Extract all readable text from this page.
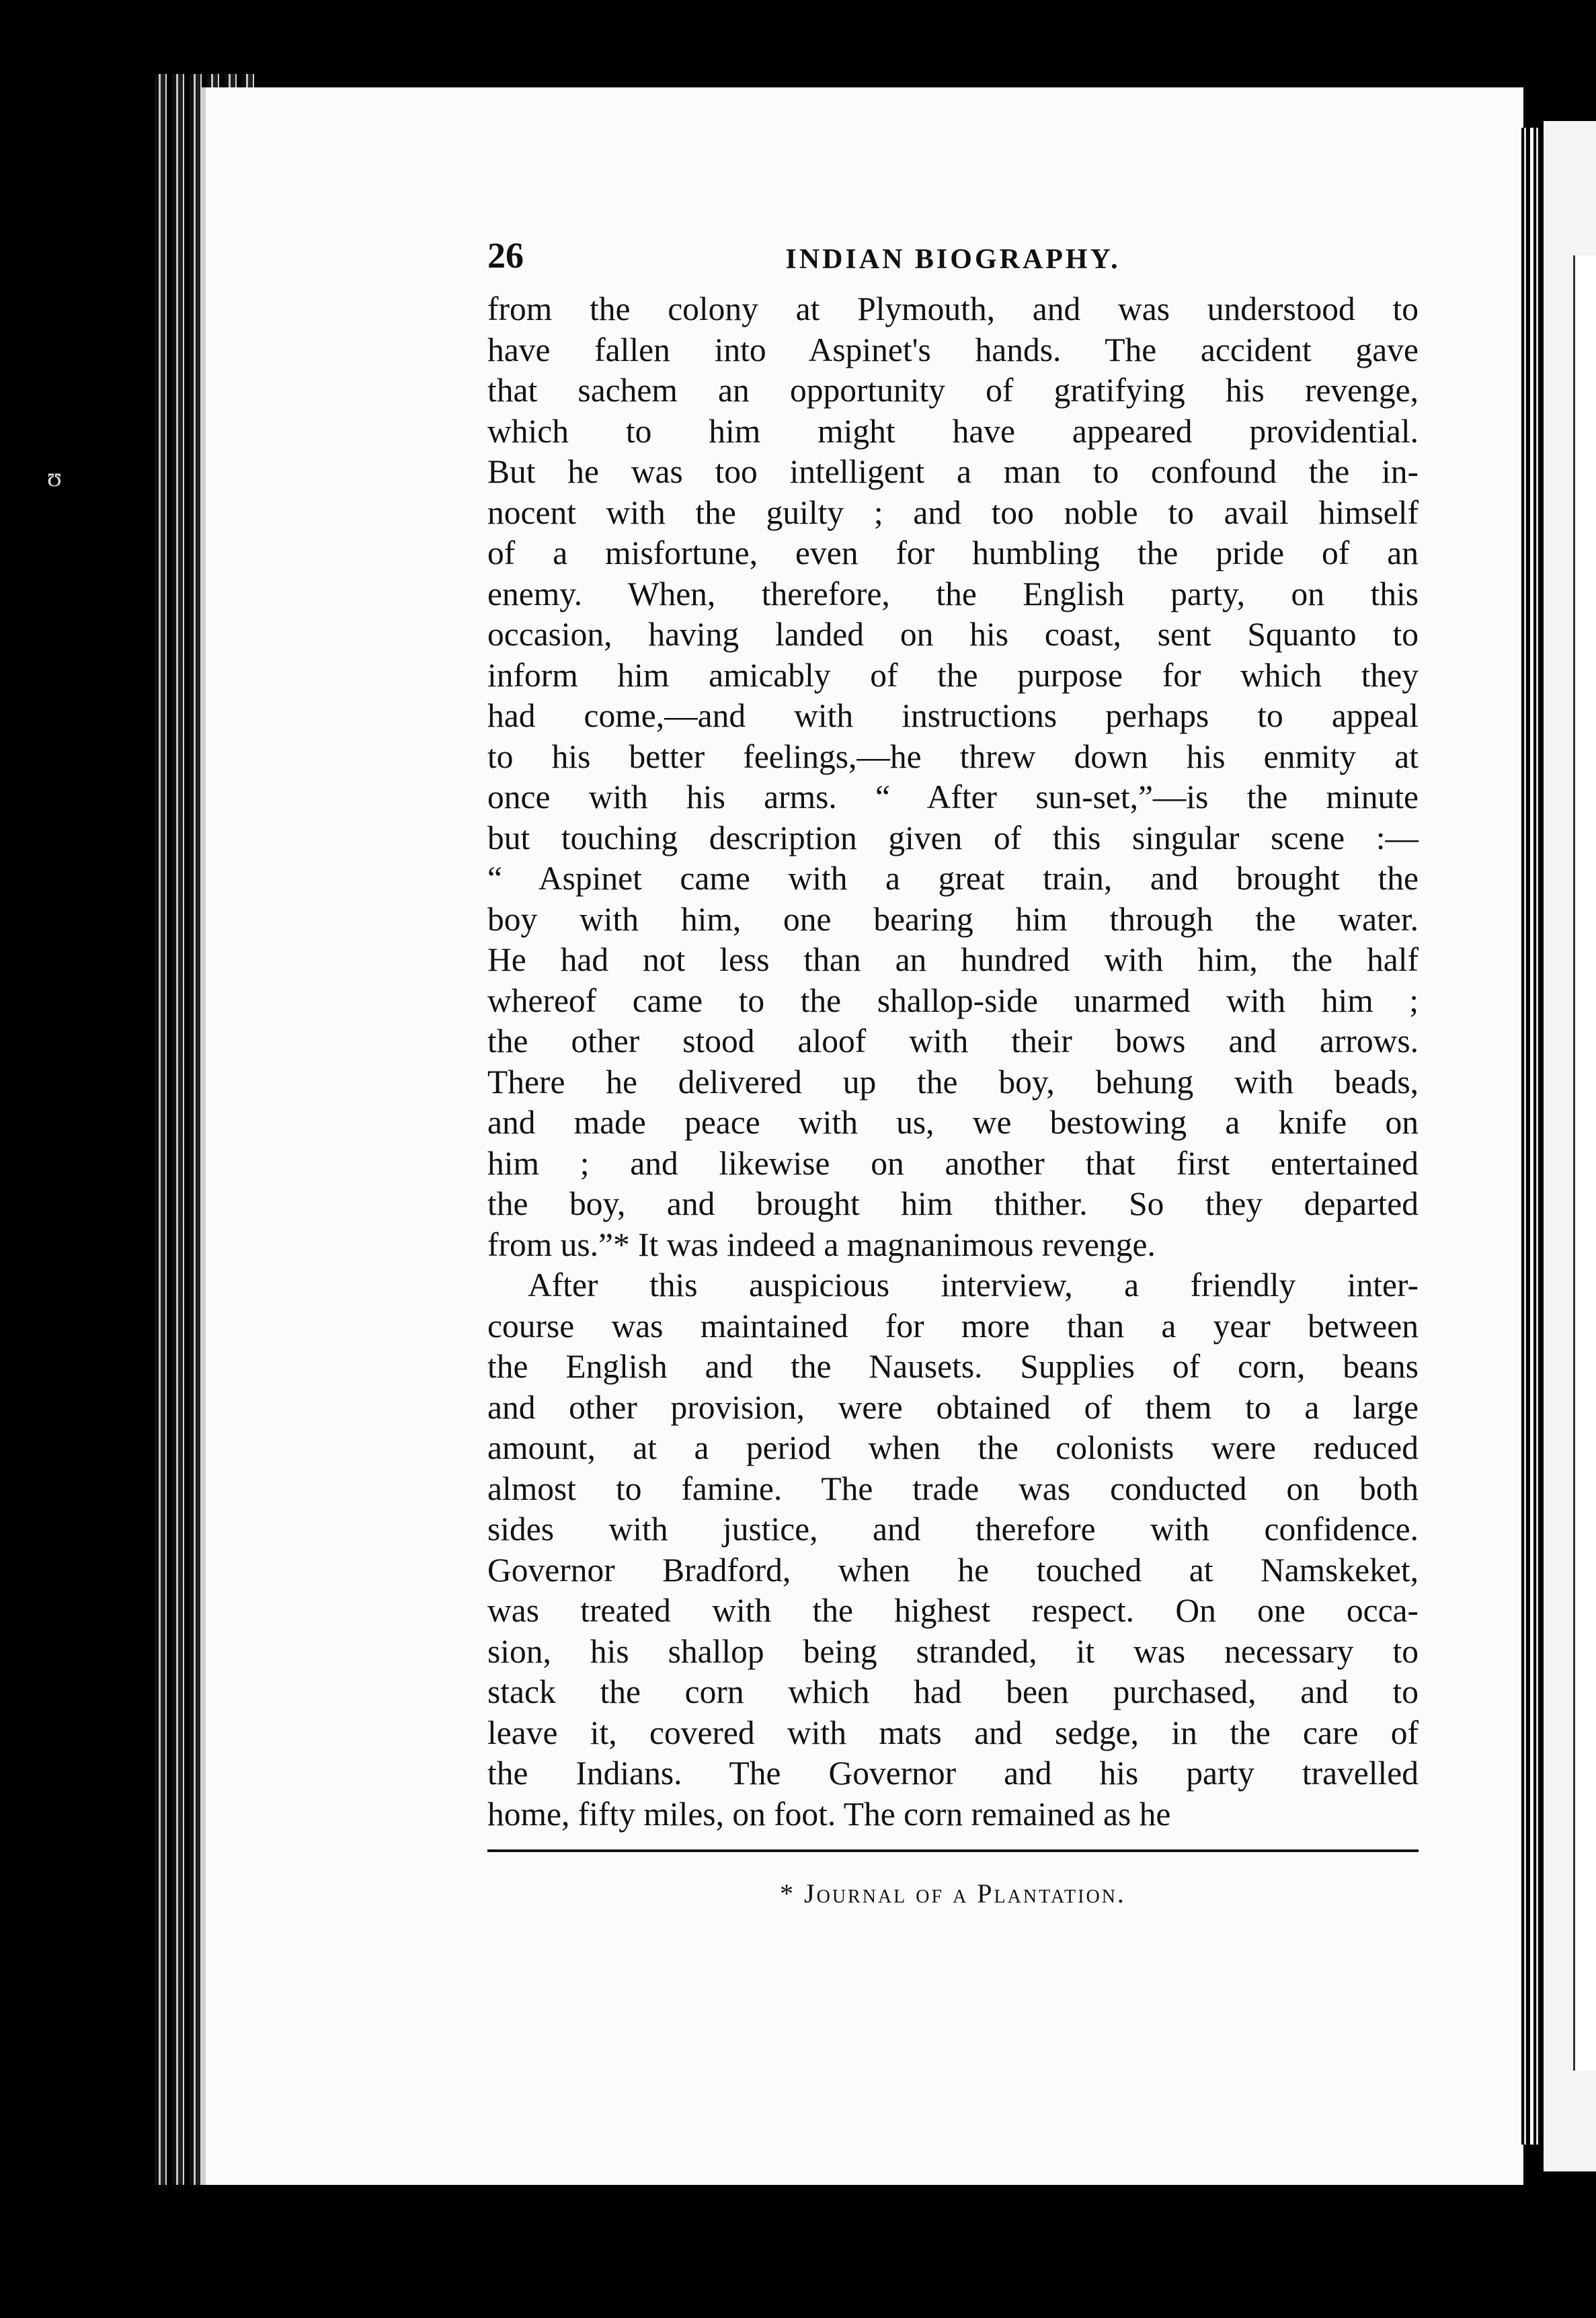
ʊ
26	INDIAN BIOGRAPHY.
from the colony at Plymouth, and was understood to
have fallen into Aspinet's hands. The accident gave
that sachem an opportunity of gratifying his revenge,
which to him might have appeared providential.
But he was too intelligent a man to confound the in-
nocent with the guilty ; and too noble to avail himself
of a misfortune, even for humbling the pride of an
enemy. When, therefore, the English party, on this
occasion, having landed on his coast, sent Squanto to
inform him amicably of the purpose for which they
had come,—and with instructions perhaps to appeal
to his better feelings,—he threw down his enmity at
once with his arms. “ After sun-set,”—is the minute
but touching description given of this singular scene :—
“ Aspinet came with a great train, and brought the
boy with him, one bearing him through the water.
He had not less than an hundred with him, the half
whereof came to the shallop-side unarmed with him ;
the other stood aloof with their bows and arrows.
There he delivered up the boy, behung with beads,
and made peace with us, we bestowing a knife on
him ; and likewise on another that first entertained
the boy, and brought him thither. So they departed
from us.”* It was indeed a magnanimous revenge.
After this auspicious interview, a friendly inter-
course was maintained for more than a year between
the English and the Nausets. Supplies of corn, beans
and other provision, were obtained of them to a large
amount, at a period when the colonists were reduced
almost to famine. The trade was conducted on both
sides with justice, and therefore with confidence.
Governor Bradford, when he touched at Namskeket,
was treated with the highest respect. On one occa-
sion, his shallop being stranded, it was necessary to
stack the corn which had been purchased, and to
leave it, covered with mats and sedge, in the care of
the Indians. The Governor and his party travelled
home, fifty miles, on foot. The corn remained as he
* Journal of a Plantation.
